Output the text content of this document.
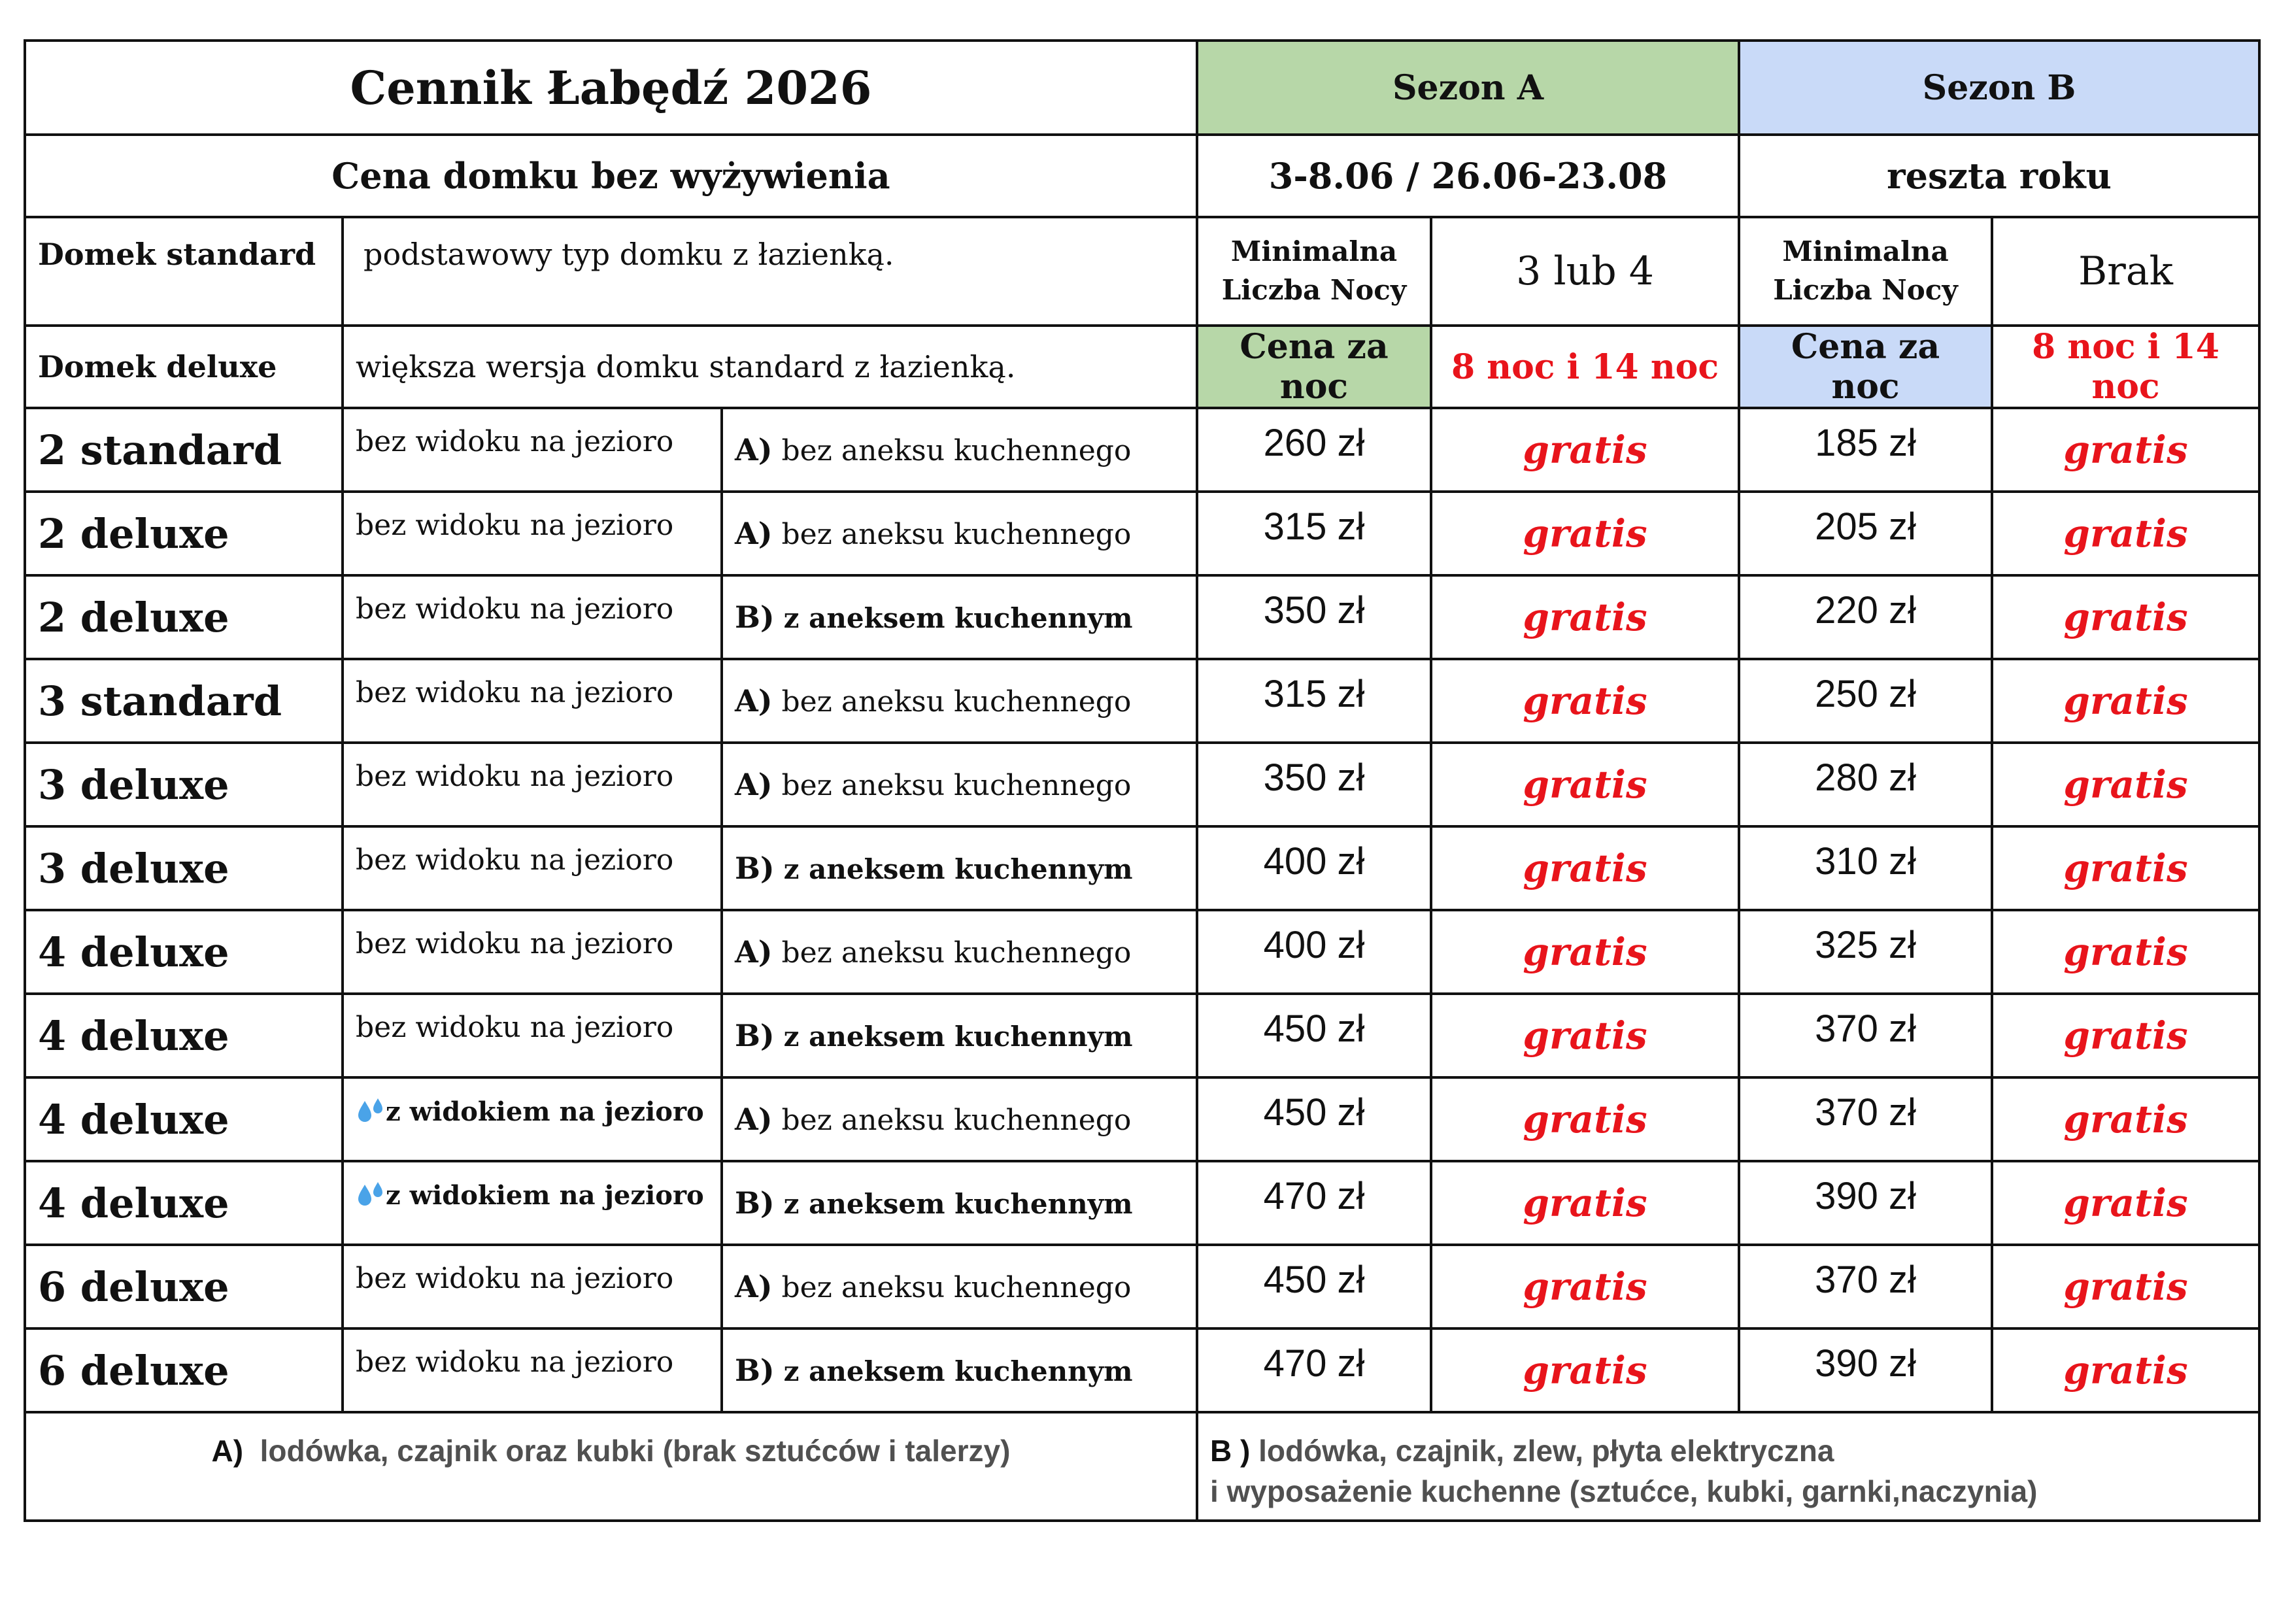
Cennik Łabędź 2026			Sezon A		Sezon B	
Cena domku bez wyżywienia			3-8.06 / 26.06-23.08		reszta roku	
Domek standard	podstawowy typ domku z łazienką.		Minimalna Liczba Nocy	3 lub 4	Minimalna Liczba Nocy	Brak
Domek deluxe	większa wersja domku standard z łazienką.		Cena za noc	8 noc i 14 noc	Cena za noc	8 noc i 14 noc
2 standard	bez widoku na jezioro	A) bez aneksu kuchennego	260 zł	gratis	185 zł	gratis
2 deluxe	bez widoku na jezioro	A) bez aneksu kuchennego	315 zł	gratis	205 zł	gratis
2 deluxe	bez widoku na jezioro	B) z aneksem kuchennym	350 zł	gratis	220 zł	gratis
3 standard	bez widoku na jezioro	A) bez aneksu kuchennego	315 zł	gratis	250 zł	gratis
3 deluxe	bez widoku na jezioro	A) bez aneksu kuchennego	350 zł	gratis	280 zł	gratis
3 deluxe	bez widoku na jezioro	B) z aneksem kuchennym	400 zł	gratis	310 zł	gratis
4 deluxe	bez widoku na jezioro	A) bez aneksu kuchennego	400 zł	gratis	325 zł	gratis
4 deluxe	bez widoku na jezioro	B) z aneksem kuchennym	450 zł	gratis	370 zł	gratis
4 deluxe	z widokiem na jezioro	A) bez aneksu kuchennego	450 zł	gratis	370 zł	gratis
4 deluxe	z widokiem na jezioro	B) z aneksem kuchennym	470 zł	gratis	390 zł	gratis
6 deluxe	bez widoku na jezioro	A) bez aneksu kuchennego	450 zł	gratis	370 zł	gratis
6 deluxe	bez widoku na jezioro	B) z aneksem kuchennym	470 zł	gratis	390 zł	gratis
A) lodówka, czajnik oraz kubki (brak sztućców i talerzy)			B ) lodówka, czajnik, zlew, płyta elektryczna
i wyposażenie kuchenne (sztućce, kubki, garnki,naczynia)			
